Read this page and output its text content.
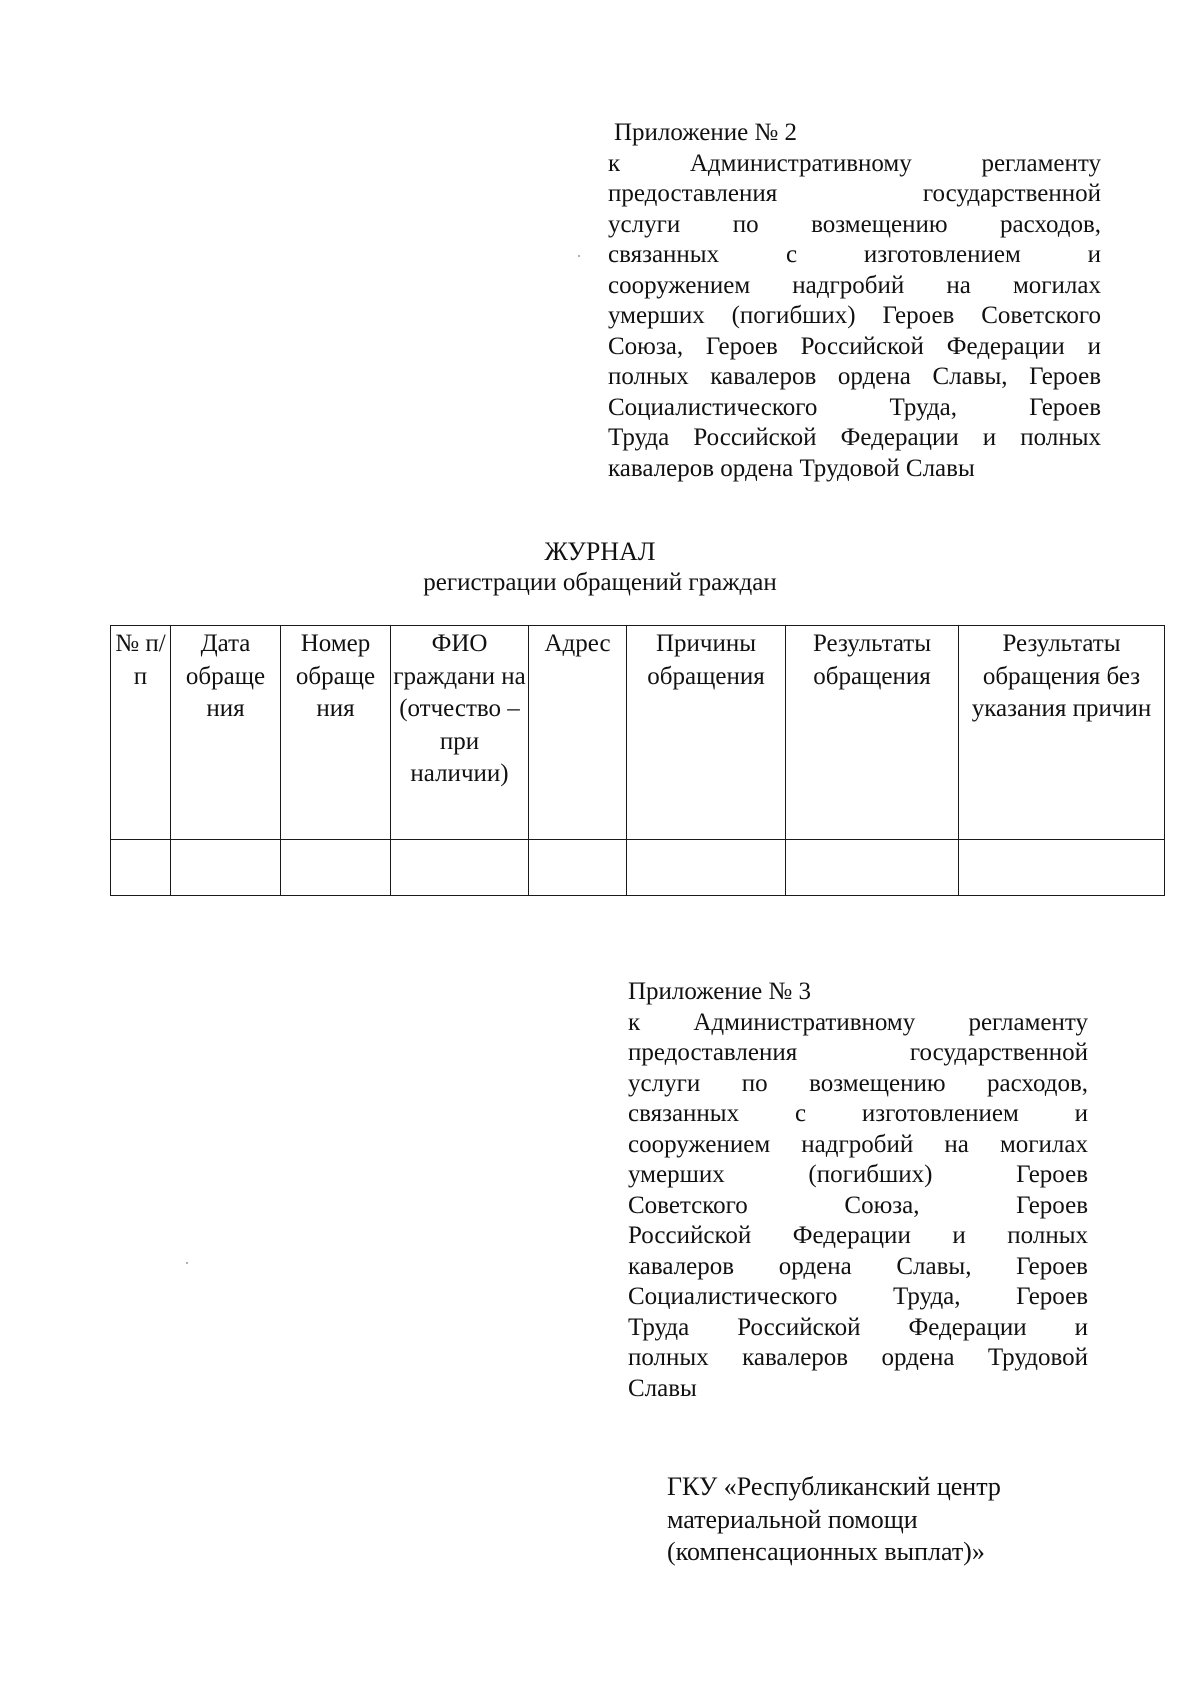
Приложение № 2
к Административному регламенту
предоставления государственной
услуги по возмещению расходов,
связанных с изготовлением и
сооружением надгробий на могилах
умерших (погибших) Героев Советского
Союза, Героев Российской Федерации и
полных кавалеров ордена Славы, Героев
Социалистического Труда, Героев
Труда Российской Федерации и полных
кавалеров ордена Трудовой Славы
ЖУРНАЛ
регистрации обращений граждан
№ п/п	Дата обраще ния	Номер обраще ния	ФИО граждани на (отчество – при наличии)	Адрес	Причины обращения	Результаты обращения	Результаты обращения без указания причин

Приложение № 3
к Административному регламенту
предоставления государственной
услуги по возмещению расходов,
связанных с изготовлением и
сооружением надгробий на могилах
умерших (погибших) Героев
Советского Союза, Героев
Российской Федерации и полных
кавалеров ордена Славы, Героев
Социалистического Труда, Героев
Труда Российской Федерации и
полных кавалеров ордена Трудовой
Славы
ГКУ «Республиканский центр
материальной помощи
(компенсационных выплат)»
